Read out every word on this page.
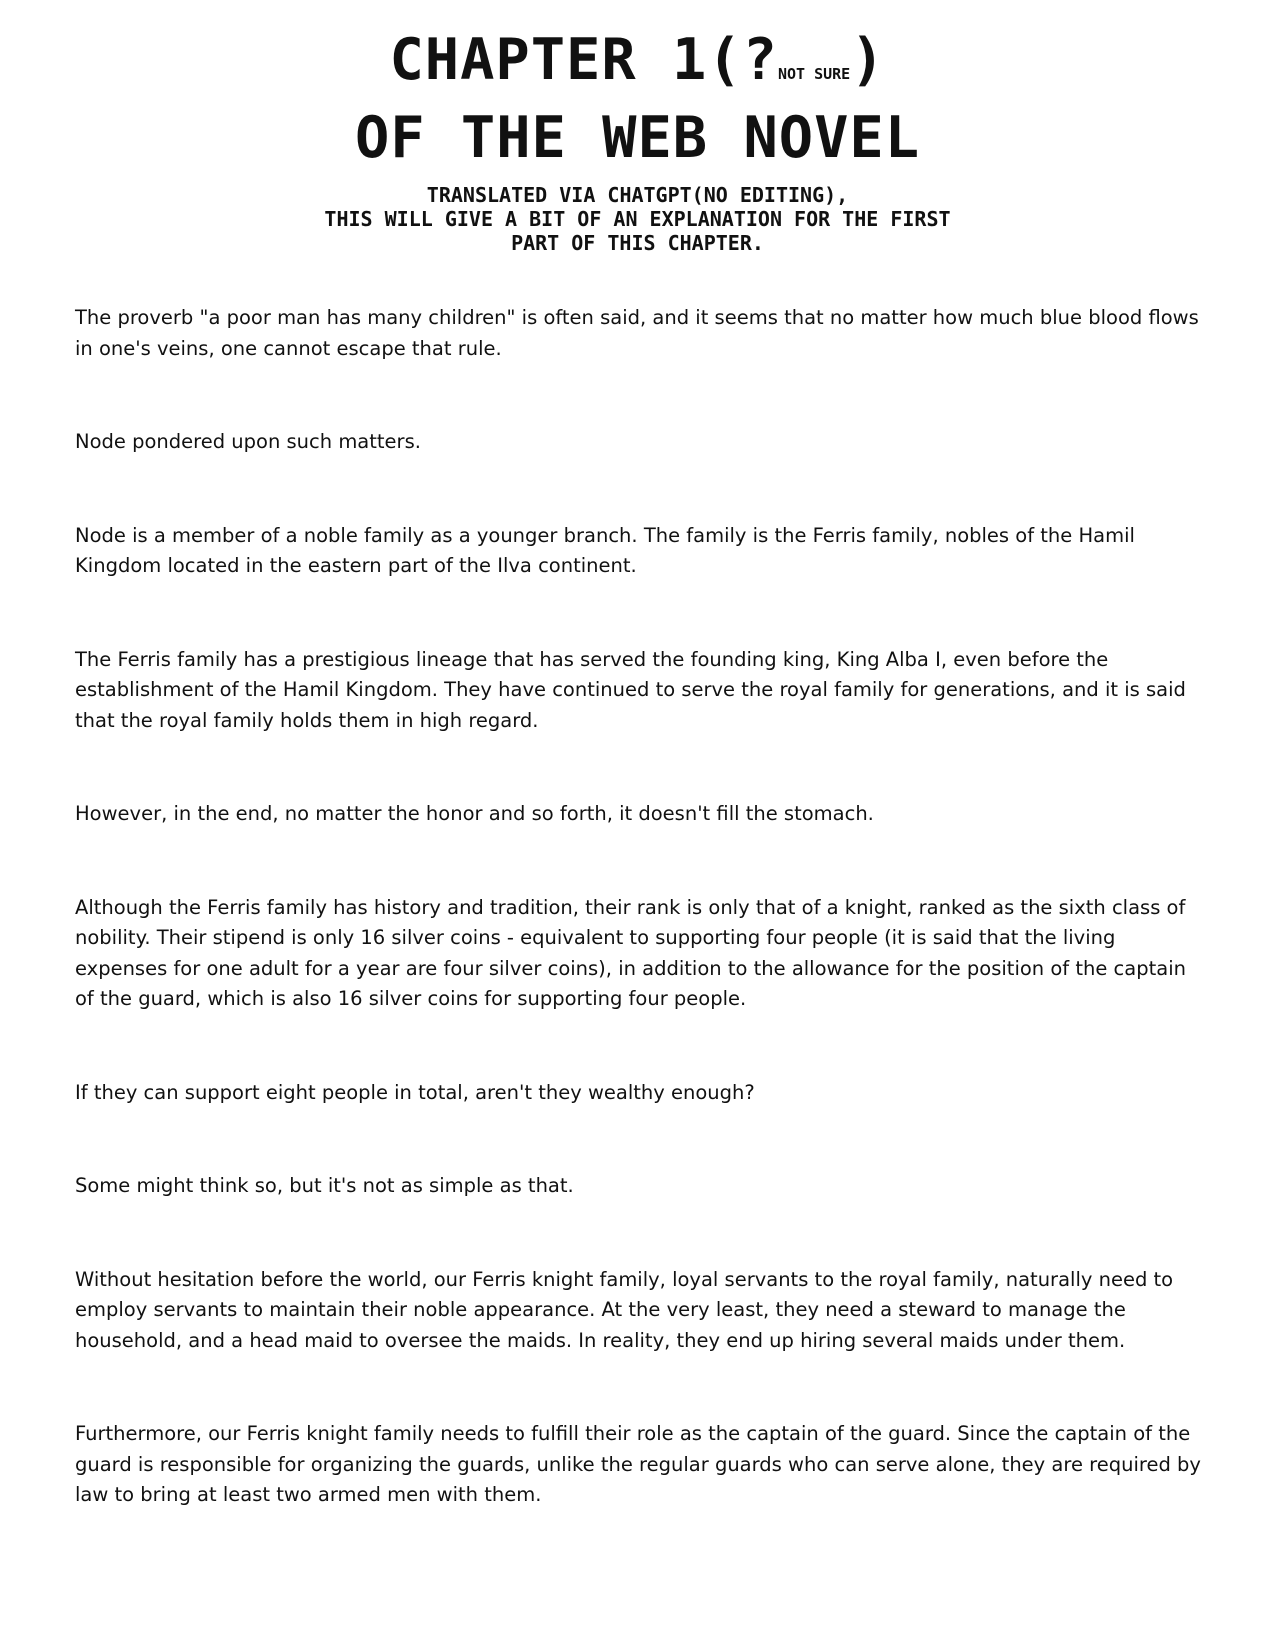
CHAPTER 1(?NOT SURE)
OF THE WEB NOVEL
TRANSLATED VIA CHATGPT(NO EDITING),
THIS WILL GIVE A BIT OF AN EXPLANATION FOR THE FIRST
PART OF THIS CHAPTER.

The proverb "a poor man has many children" is often said, and it seems that no matter how much blue blood flows in one's veins, one cannot escape that rule.

Node pondered upon such matters.

Node is a member of a noble family as a younger branch. The family is the Ferris family, nobles of the Hamil Kingdom located in the eastern part of the Ilva continent.

The Ferris family has a prestigious lineage that has served the founding king, King Alba I, even before the establishment of the Hamil Kingdom. They have continued to serve the royal family for generations, and it is said that the royal family holds them in high regard.

However, in the end, no matter the honor and so forth, it doesn't fill the stomach.

Although the Ferris family has history and tradition, their rank is only that of a knight, ranked as the sixth class of nobility. Their stipend is only 16 silver coins - equivalent to supporting four people (it is said that the living expenses for one adult for a year are four silver coins), in addition to the allowance for the position of the captain of the guard, which is also 16 silver coins for supporting four people.

If they can support eight people in total, aren't they wealthy enough?

Some might think so, but it's not as simple as that.

Without hesitation before the world, our Ferris knight family, loyal servants to the royal family, naturally need to employ servants to maintain their noble appearance. At the very least, they need a steward to manage the household, and a head maid to oversee the maids. In reality, they end up hiring several maids under them.

Furthermore, our Ferris knight family needs to fulfill their role as the captain of the guard. Since the captain of the guard is responsible for organizing the guards, unlike the regular guards who can serve alone, they are required by law to bring at least two armed men with them.
